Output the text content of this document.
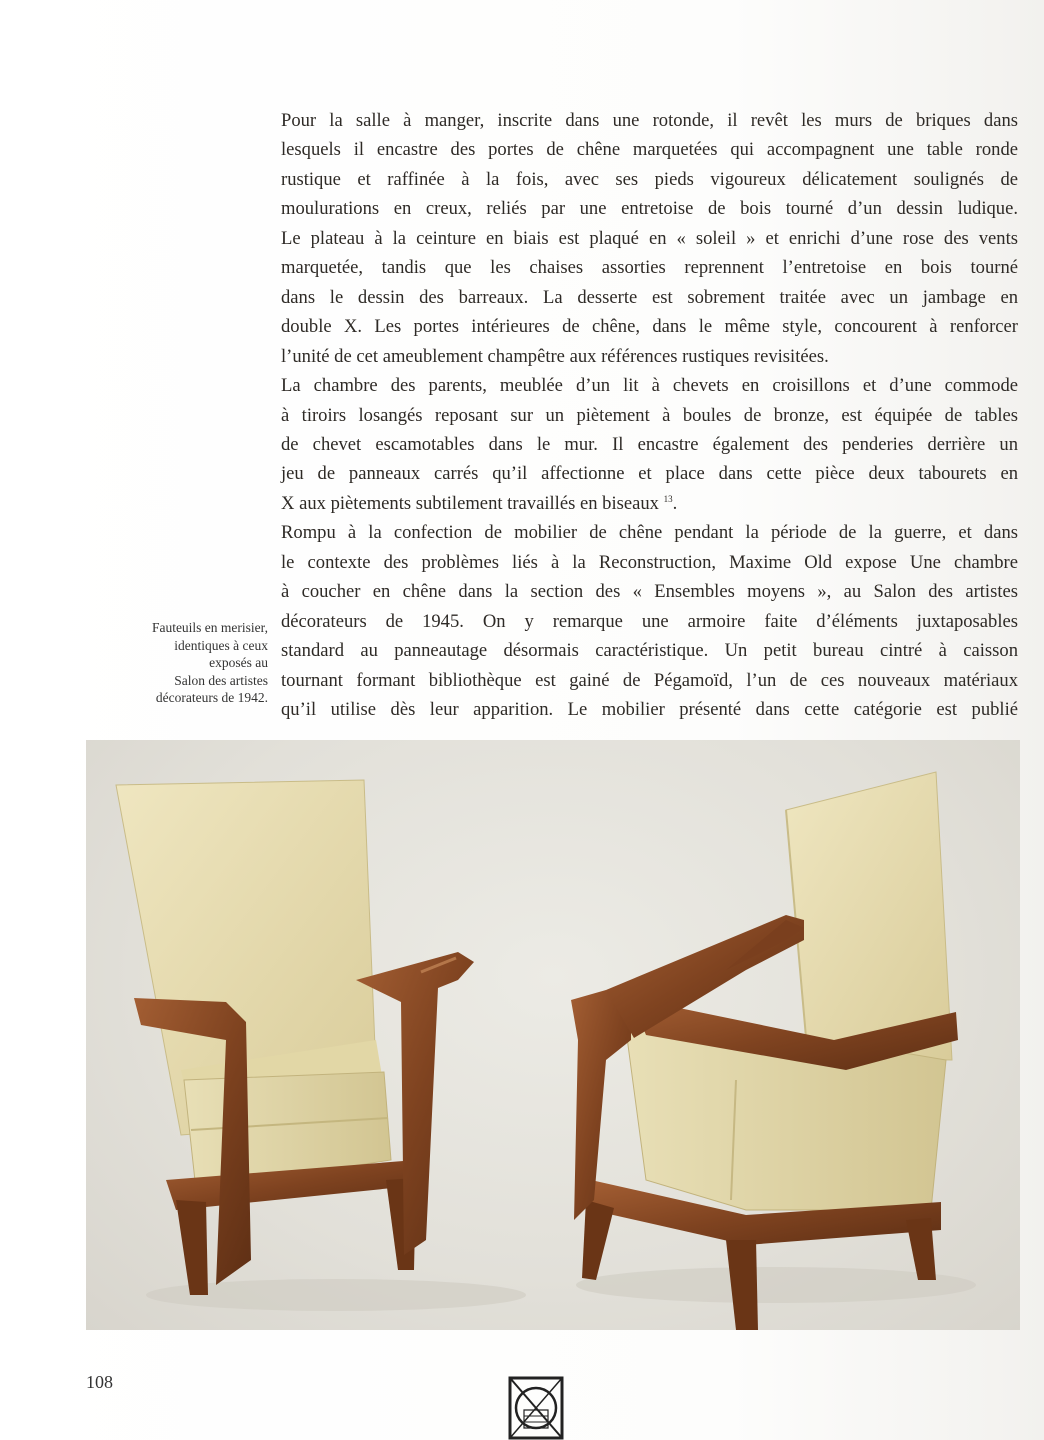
Pour la salle à manger, inscrite dans une rotonde, il revêt les murs de briques dans
lesquels il encastre des portes de chêne marquetées qui accompagnent une table ronde
rustique et raffinée à la fois, avec ses pieds vigoureux délicatement soulignés de
moulurations en creux, reliés par une entretoise de bois tourné d’un dessin ludique.
Le plateau à la ceinture en biais est plaqué en « soleil » et enrichi d’une rose des vents
marquetée, tandis que les chaises assorties reprennent l’entretoise en bois tourné
dans le dessin des barreaux. La desserte est sobrement traitée avec un jambage en
double X. Les portes intérieures de chêne, dans le même style, concourent à renforcer
l’unité de cet ameublement champêtre aux références rustiques revisitées.
La chambre des parents, meublée d’un lit à chevets en croisillons et d’une commode
à tiroirs losangés reposant sur un piètement à boules de bronze, est équipée de tables
de chevet escamotables dans le mur. Il encastre également des penderies derrière un
jeu de panneaux carrés qu’il affectionne et place dans cette pièce deux tabourets en
X aux piètements subtilement travaillés en biseaux $^{13}$.
Rompu à la confection de mobilier de chêne pendant la période de la guerre, et dans
le contexte des problèmes liés à la Reconstruction, Maxime Old expose Une chambre
à coucher en chêne dans la section des « Ensembles moyens », au Salon des artistes
décorateurs de 1945. On y remarque une armoire faite d’éléments juxtaposables
standard au panneautage désormais caractéristique. Un petit bureau cintré à caisson
tournant formant bibliothèque est gainé de Pégamoïd, l’un de ces nouveaux matériaux
qu’il utilise dès leur apparition. Le mobilier présenté dans cette catégorie est publié
Fauteuils en merisier,
identiques à ceux
exposés au
Salon des artistes
décorateurs de 1942.
108
